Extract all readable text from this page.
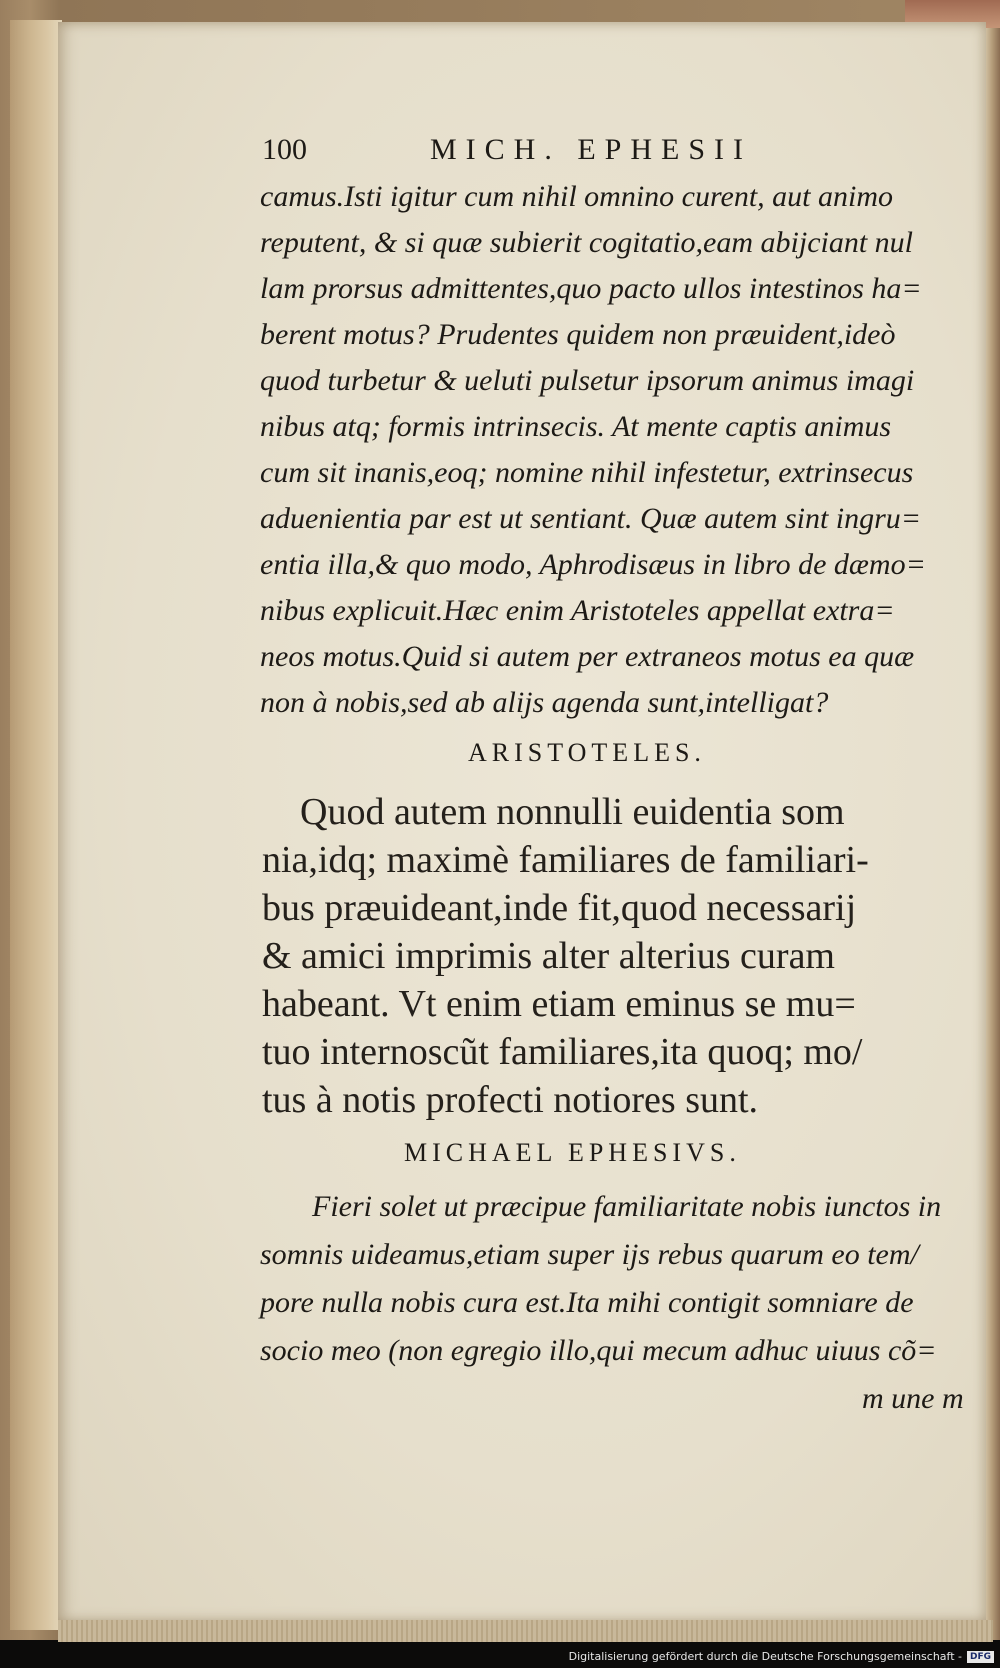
100	MICH. EPHESII
camus.Isti igitur cum nihil omnino curent, aut animo
reputent, & si quæ subierit cogitatio,eam abijciant nul
lam prorsus admittentes,quo pacto ullos intestinos ha=
berent motus? Prudentes quidem non præuident,ideò
quod turbetur & ueluti pulsetur ipsorum animus imagi
nibus atq; formis intrinsecis. At mente captis animus
cum sit inanis,eoq; nomine nihil infestetur, extrinsecus
aduenientia par est ut sentiant. Quæ autem sint ingru=
entia illa,& quo modo, Aphrodisæus in libro de dæmo=
nibus explicuit.Hæc enim Aristoteles appellat extra=
neos motus.Quid si autem per extraneos motus ea quæ
non à nobis,sed ab alijs agenda sunt,intelligat?
ARISTOTELES.
Quod autem nonnulli euidentia som
nia,idq; maximè familiares de familiari-
bus præuideant,inde fit,quod necessarij
& amici imprimis alter alterius curam
habeant. Vt enim etiam eminus se mu=
tuo internoscũt familiares,ita quoq; mo/
tus à notis profecti notiores sunt.
MICHAEL EPHESIVS.
Fieri solet ut præcipue familiaritate nobis iunctos in
somnis uideamus,etiam super ijs rebus quarum eo tem/
pore nulla nobis cura est.Ita mihi contigit somniare de
socio meo (non egregio illo,qui mecum adhuc uiuus cõ=
m une m
Digitalisierung gefördert durch die Deutsche Forschungsgemeinschaft - DFG
